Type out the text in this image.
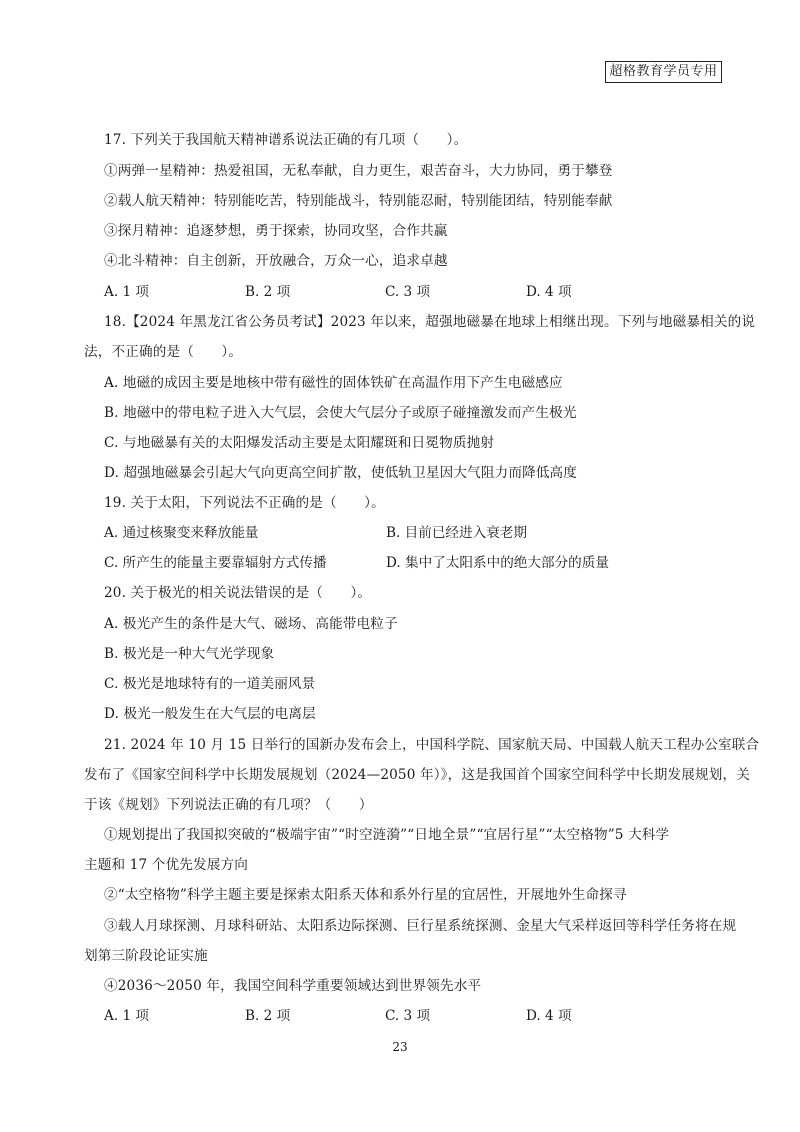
超格教育学员专用
17. 下列关于我国航天精神谱系说法正确的有几项（　　）。
①两弹一星精神：热爱祖国，无私奉献，自力更生，艰苦奋斗，大力协同，勇于攀登
②载人航天精神：特别能吃苦，特别能战斗，特别能忍耐，特别能团结，特别能奉献
③探月精神：追逐梦想，勇于探索，协同攻坚，合作共赢
④北斗精神：自主创新，开放融合，万众一心，追求卓越
A. 1 项	B. 2 项	C. 3 项	D. 4 项
18.【2024 年黑龙江省公务员考试】2023 年以来，超强地磁暴在地球上相继出现。下列与地磁暴相关的说
法，不正确的是（　　）。
A. 地磁的成因主要是地核中带有磁性的固体铁矿在高温作用下产生电磁感应
B. 地磁中的带电粒子进入大气层，会使大气层分子或原子碰撞激发而产生极光
C. 与地磁暴有关的太阳爆发活动主要是太阳耀斑和日冕物质抛射
D. 超强地磁暴会引起大气向更高空间扩散，使低轨卫星因大气阻力而降低高度
19. 关于太阳，下列说法不正确的是（　　）。
A. 通过核聚变来释放能量	B. 目前已经进入衰老期
C. 所产生的能量主要靠辐射方式传播	D. 集中了太阳系中的绝大部分的质量
20. 关于极光的相关说法错误的是（　　）。
A. 极光产生的条件是大气、磁场、高能带电粒子
B. 极光是一种大气光学现象
C. 极光是地球特有的一道美丽风景
D. 极光一般发生在大气层的电离层
21. 2024 年 10 月 15 日举行的国新办发布会上，中国科学院、国家航天局、中国载人航天工程办公室联合
发布了《国家空间科学中长期发展规划（2024—2050 年）》，这是我国首个国家空间科学中长期发展规划，关
于该《规划》下列说法正确的有几项？（　　）
①规划提出了我国拟突破的“极端宇宙”“时空涟漪”“日地全景”“宜居行星”“太空格物”5 大科学
主题和 17 个优先发展方向
②“太空格物”科学主题主要是探索太阳系天体和系外行星的宜居性，开展地外生命探寻
③载人月球探测、月球科研站、太阳系边际探测、巨行星系统探测、金星大气采样返回等科学任务将在规
划第三阶段论证实施
④2036～2050 年，我国空间科学重要领域达到世界领先水平
A. 1 项	B. 2 项	C. 3 项	D. 4 项
23
